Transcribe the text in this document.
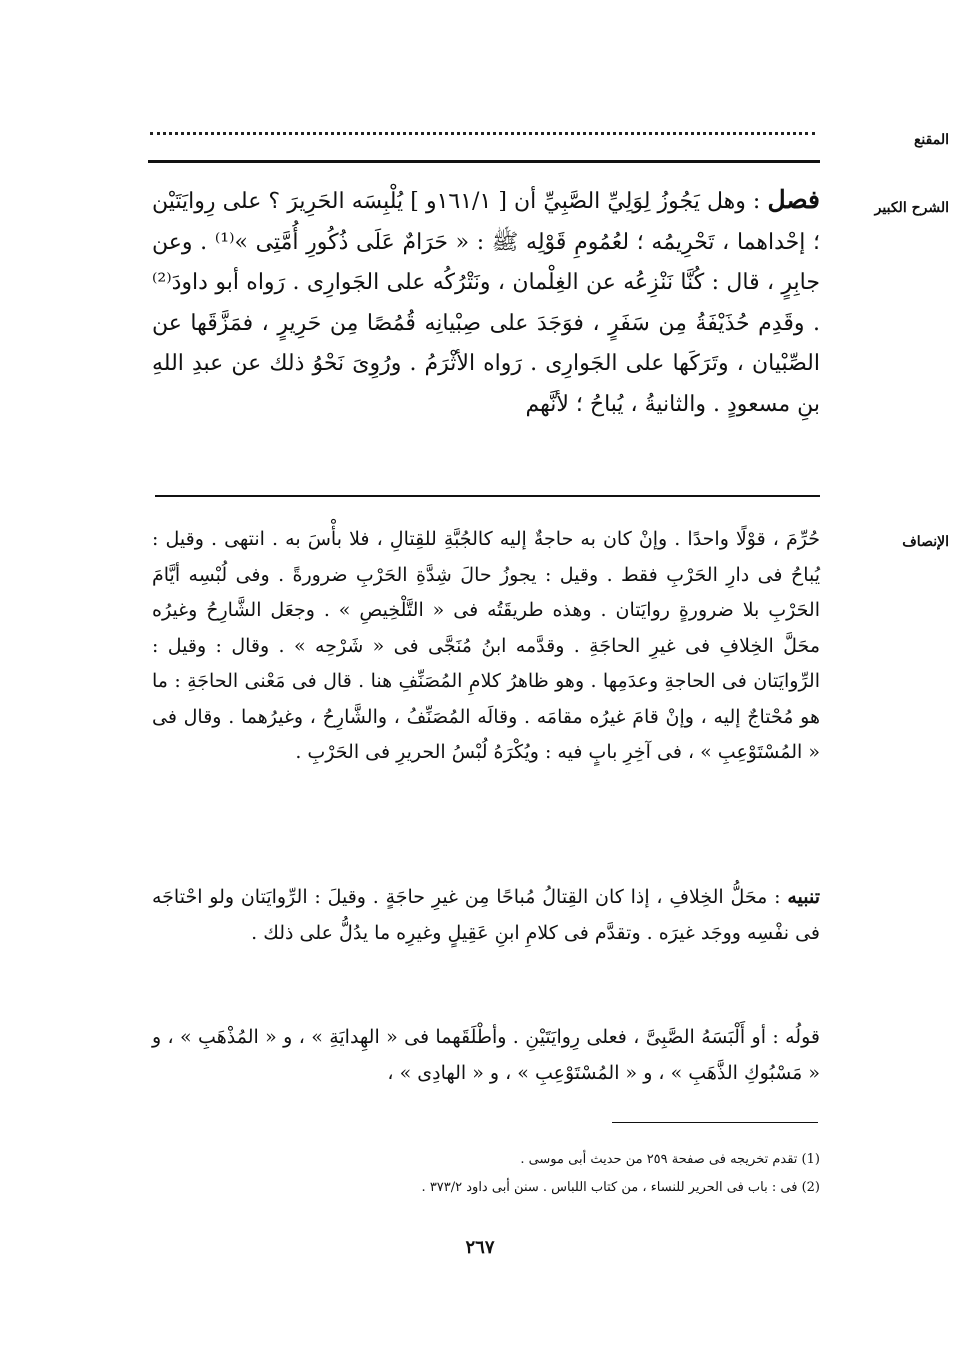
المقنع
الشرح الكبير
فصل : وهل يَجُوزُ لِوَلِيِّ الصَّبِيِّ أن [ ١٦١/١و ] يُلْبِسَه الحَرِيرَ ؟ على رِوايَتَيْن ؛ إحْداهما ، تَحْرِيمُه ؛ لعُمُومِ قَوْلِه ﷺ : « حَرَامٌ عَلَى ذُكُورِ أُمَّتِى »⁽¹⁾ . وعن جابِرٍ ، قال : كُنَّا نَنْزِعُه عن الغِلْمان ، ونَتْرُكُه على الجَوارِى . رَواه أبو داودَ⁽²⁾ . وقَدِم حُذَيْفَةُ مِن سَفَرٍ ، فوَجَدَ على صِبْيانِه قُمُصًا مِن حَرِيرٍ ، فمَزَّقَها عن الصِّبْيان ، وتَرَكَها على الجَوارِى . رَواه الأثْرَمُ . ورُوِىَ نَحْوُ ذلك عن عبدِ اللهِ بنِ مسعودٍ . والثانيةُ ، يُباحُ ؛ لأنَّهم
الإنصاف
حُرِّمَ ، قوْلًا واحدًا . وإنْ كان به حاجةٌ إليه كالجُبَّةِ للقِتالِ ، فلا بأْسَ به . انتهى . وقيل : يُباحُ فى دارِ الحَرْبِ فقط . وقيل : يجوزُ حالَ شِدَّةِ الحَرْبِ ضرورةً . وفى لُبْسِه أيَّامَ الحَرْبِ بلا ضرورةٍ روايَتان . وهذه طريقَتُه فى « التَّلْخِيصِ » . وجعَل الشَّارِحُ وغيرُه محَلَّ الخِلافِ فى غيرِ الحاجَةِ . وقدَّمه ابنُ مُنَجَّى فى « شَرْحِه » . وقال : وقيل : الرِّوايَتان فى الحاجةِ وعدَمِها . وهو ظاهرُ كلامِ المُصَنِّفِ هنا . قال فى مَعْنى الحاجَةِ : ما هو مُحْتاجٌ إليه ، وإنْ قامَ غيرُه مقامَه . وقالَه المُصَنِّفُ ، والشَّارِحُ ، وغيرُهما . وقال فى « المُسْتَوْعِبِ » ، فى آخِرِ بابٍ فيه : ويُكْرَهُ لُبْسُ الحريرِ فى الحَرْبِ .
تنبيه : محَلُّ الخِلافِ ، إذا كان القِتالُ مُباحًا مِن غيرِ حاجَةٍ . وقيلَ : الرِّوايَتان ولو احْتاجَه فى نفْسِه ووجَد غيرَه . وتقدَّم فى كلامِ ابنِ عَقِيلٍ وغيرِه ما يدُلُّ على ذلك .
قولُه : أو أَلْبَسَهُ الصَّبِىَّ ، فعلى رِوايَتَيْنِ . وأطْلَقَهما فى « الهِدايَةِ » ، و « المُذْهَبِ » ، و « مَسْبُوكِ الذَّهَبِ » ، و « المُسْتَوْعِبِ » ، و « الهادِى » ،
(1) تقدم تخريجه فى صفحة ٢٥٩ من حديث أبى موسى .
(2) فى : باب فى الحرير للنساء ، من كتاب اللباس . سنن أبى داود ٣٧٣/٢ .
٢٦٧
